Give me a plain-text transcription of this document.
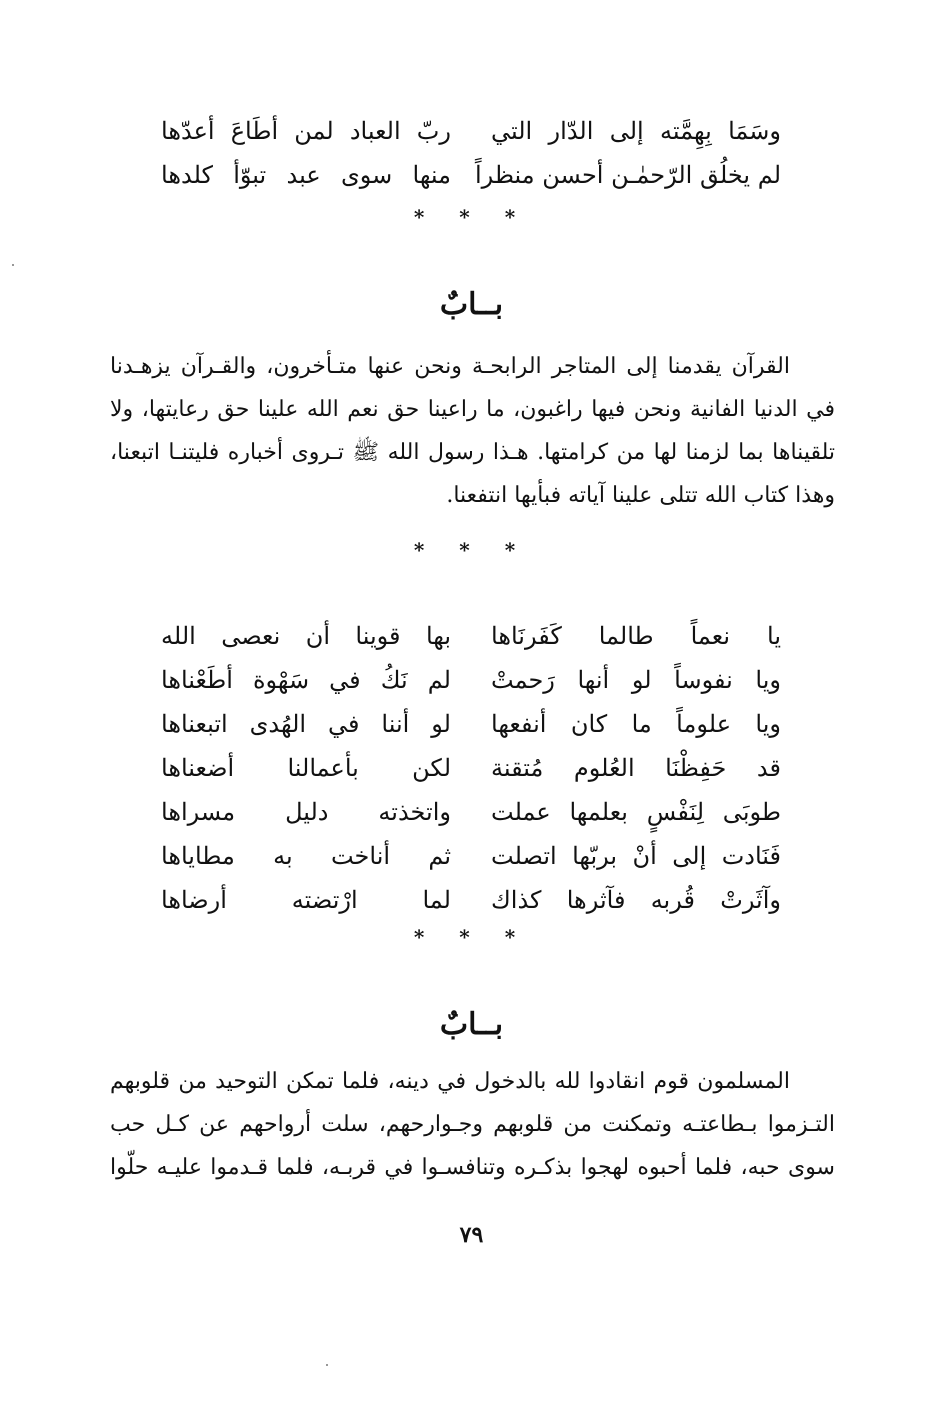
وسَمَا بِهِمَّته إلى الدّار التي
ربّ العباد لمن أطَاعَ أعدّها
لم يخلُق الرّحمٰـن أحسن منظراً
منها سوى عبد تبوّأ كلدها
* * *
بــابٌ
القرآن يقدمنا إلى المتاجر الرابحـة ونحن عنها متـأخرون، والقـرآن يزهـدنا
في الدنيا الفانية ونحن فيها راغبون، ما راعينا حق نعم الله علينا حق رعايتها، ولا
تلقيناها بما لزمنا لها من كرامتها. هـذا رسول الله ﷺ تـروى أخباره فليتنـا اتبعنا،
وهذا كتاب الله تتلى علينا آياته فبأيها انتفعنا.
* * *
يا نعماً طالما كَفَرنَاها
بها قوينا أن نعصى الله
ويا نفوساً لو أنها رَحمتْ
لم نَكُ في سَهْوة أطَعْناها
ويا علوماً ما كان أنفعها
لو أننا في الهُدى اتبعناها
قد حَفِظْنَا العُلوم مُتقنة
لكن بأعمالنا أضعناها
طوبَى لِنَفْسٍ بعلمها عملت
واتخذته دليل مسراها
فَنَادت إلى أنْ بربّها اتصلت
ثم أناخت به مطاياها
وآثَرتْ قُربه فآثرها كذاك
لما ارْتضته أرضاها
* * *
بــابٌ
المسلمون قوم انقادوا لله بالدخول في دينه، فلما تمكن التوحيد من قلوبهم
التـزموا بـطاعتـه وتمكنت من قلوبهم وجـوارحهم، سلت أرواحهم عن كـل حب
سوى حبه، فلما أحبوه لهجوا بذكـره وتنافسـوا في قربـه، فلما قـدموا عليـه حلّوا
٧٩
